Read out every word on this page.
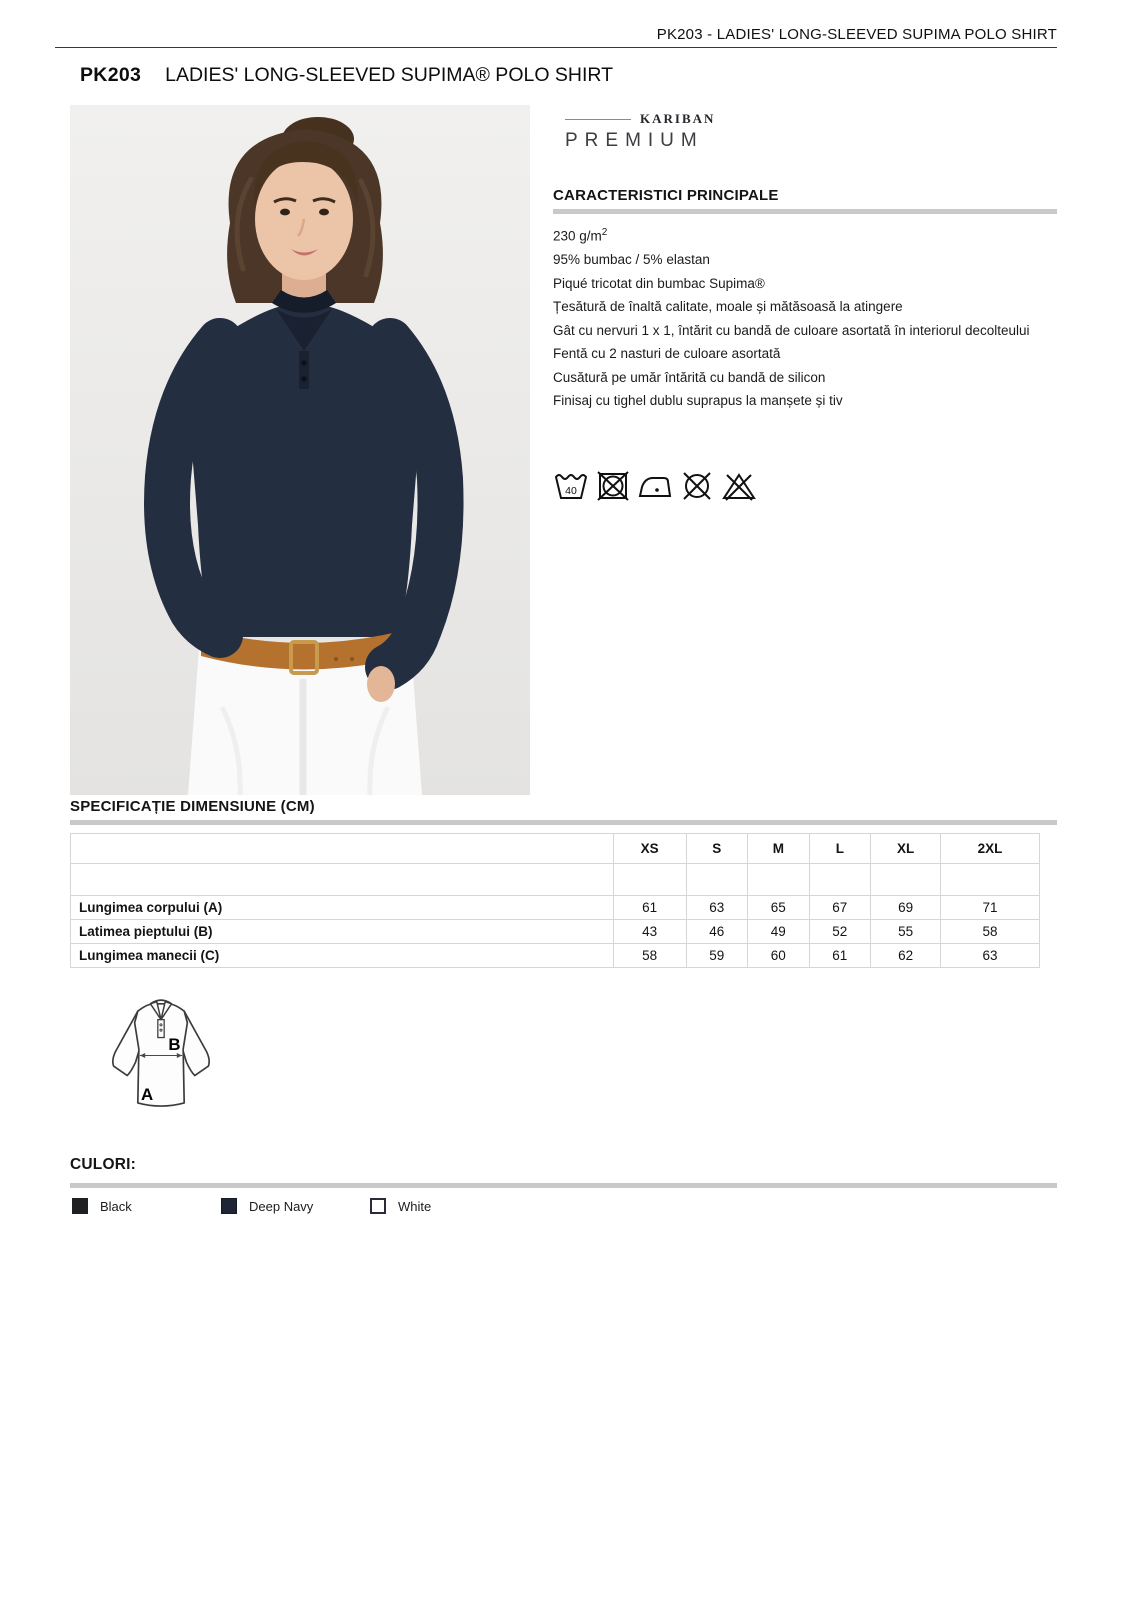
PK203 - LADIES' LONG-SLEEVED SUPIMA POLO SHIRT
PK203 LADIES' LONG-SLEEVED SUPIMA® POLO SHIRT
KARIBAN
PREMIUM
CARACTERISTICI PRINCIPALE
230 $g/m^2$
95% bumbac / 5% elastan
Piqué tricotat din bumbac Supima®
Țesătură de înaltă calitate, moale și mătăsoasă la atingere
Gât cu nervuri 1 x 1, întărit cu bandă de culoare asortată în interiorul decolteului
Fentă cu 2 nasturi de culoare asortată
Cusătură pe umăr întărită cu bandă de silicon
Finisaj cu tighel dublu suprapus la manșete și tiv
40
SPECIFICAȚIE DIMENSIUNE (CM)
	XS	S	M	L	XL	2XL

Lungimea corpului (A)	61	63	65	67	69	71
Latimea pieptului (B)	43	46	49	52	55	58
Lungimea manecii (C)	58	59	60	61	62	63
B
A
CULORI:
Black	Deep Navy	White
